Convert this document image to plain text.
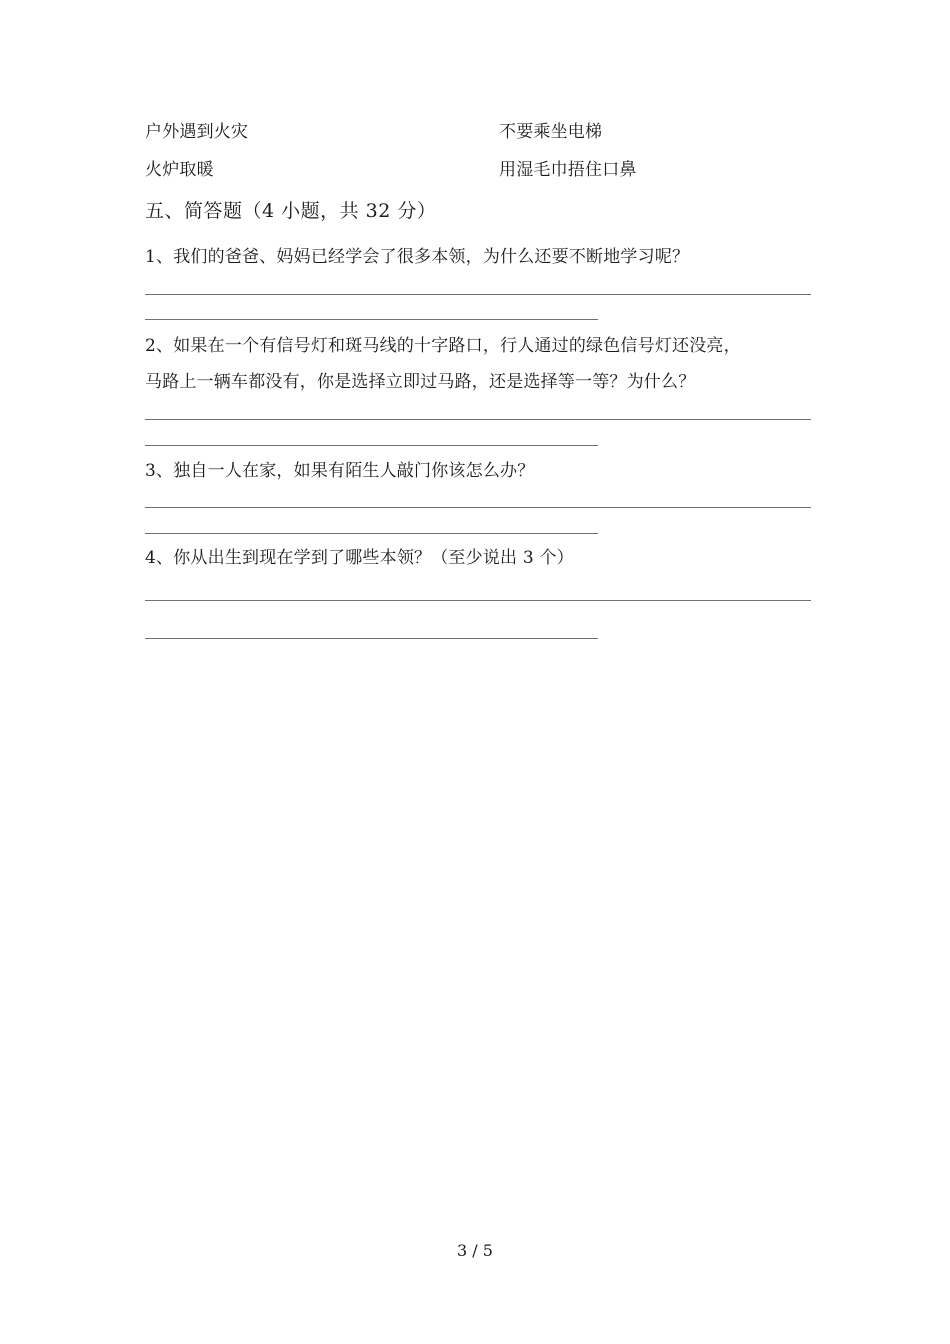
户外遇到火灾	不要乘坐电梯
火炉取暖	用湿毛巾捂住口鼻
五、简答题（4 小题，共 32 分）
1、我们的爸爸、妈妈已经学会了很多本领，为什么还要不断地学习呢？
2、如果在一个有信号灯和斑马线的十字路口，行人通过的绿色信号灯还没亮，
马路上一辆车都没有，你是选择立即过马路，还是选择等一等？为什么？
3、独自一人在家，如果有陌生人敲门你该怎么办？
4、你从出生到现在学到了哪些本领？（至少说出 3 个）
3 / 5
